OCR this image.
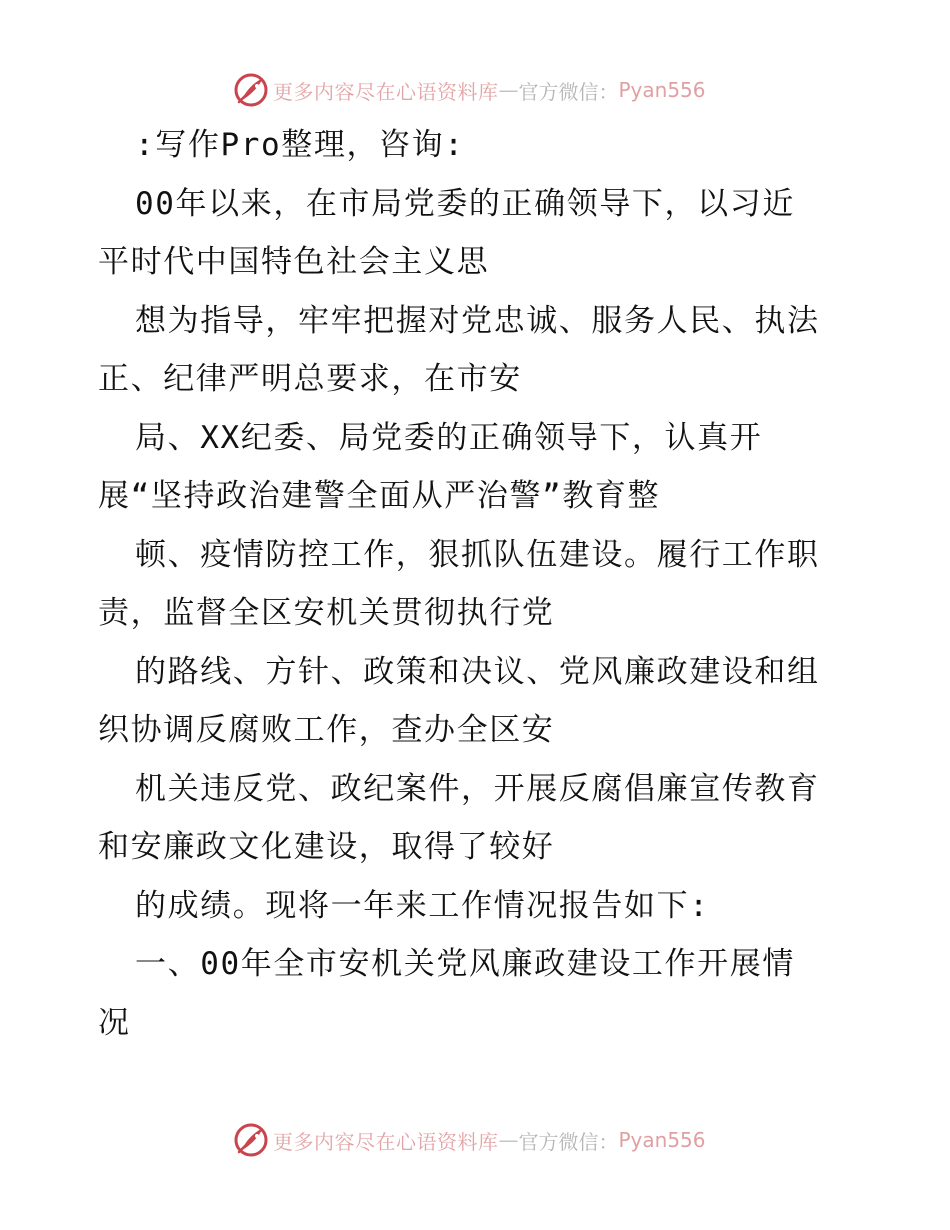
更多内容尽在心语资料库 — 官方微信： Pyan556
:写作Pro整理，咨询:
00年以来，在市局党委的正确领导下，以习近
平时代中国特色社会主义思
想为指导，牢牢把握对党忠诚、服务人民、执法
正、纪律严明总要求，在市安
局、XX纪委、局党委的正确领导下，认真开
展“坚持政治建警全面从严治警”教育整
顿、疫情防控工作，狠抓队伍建设。履行工作职
责，监督全区安机关贯彻执行党
的路线、方针、政策和决议、党风廉政建设和组
织协调反腐败工作，查办全区安
机关违反党、政纪案件，开展反腐倡廉宣传教育
和安廉政文化建设，取得了较好
的成绩。现将一年来工作情况报告如下:
一、00年全市安机关党风廉政建设工作开展情
况
更多内容尽在心语资料库 — 官方微信： Pyan556
